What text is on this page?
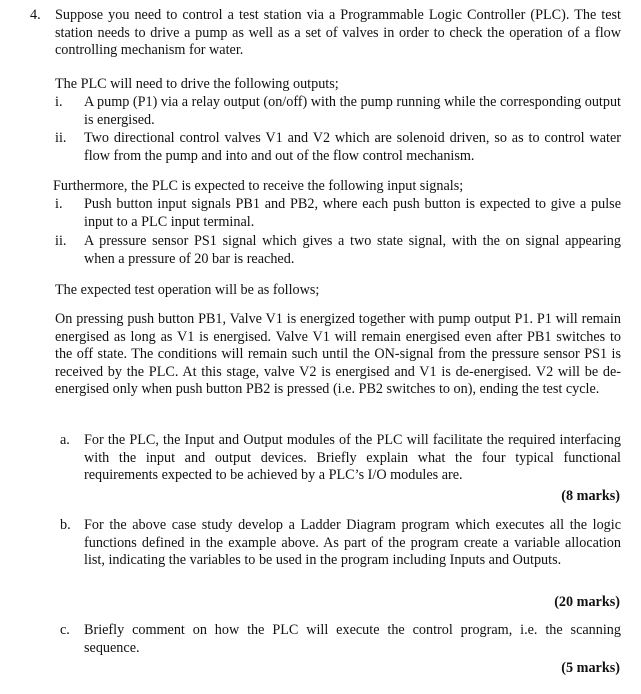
4. Suppose you need to control a test station via a Programmable Logic Controller (PLC). The test station needs to drive a pump as well as a set of valves in order to check the operation of a flow controlling mechanism for water.
The PLC will need to drive the following outputs;
i. A pump (P1) via a relay output (on/off) with the pump running while the corresponding output is energised.
ii. Two directional control valves V1 and V2 which are solenoid driven, so as to control water flow from the pump and into and out of the flow control mechanism.
Furthermore, the PLC is expected to receive the following input signals;
i. Push button input signals PB1 and PB2, where each push button is expected to give a pulse input to a PLC input terminal.
ii. A pressure sensor PS1 signal which gives a two state signal, with the on signal appearing when a pressure of 20 bar is reached.
The expected test operation will be as follows;
On pressing push button PB1, Valve V1 is energized together with pump output P1. P1 will remain energised as long as V1 is energised. Valve V1 will remain energised even after PB1 switches to the off state. The conditions will remain such until the ON-signal from the pressure sensor PS1 is received by the PLC. At this stage, valve V2 is energised and V1 is de-energised. V2 will be de-energised only when push button PB2 is pressed (i.e. PB2 switches to on), ending the test cycle.
a. For the PLC, the Input and Output modules of the PLC will facilitate the required interfacing with the input and output devices. Briefly explain what the four typical functional requirements expected to be achieved by a PLC’s I/O modules are.
(8 marks)
b. For the above case study develop a Ladder Diagram program which executes all the logic functions defined in the example above. As part of the program create a variable allocation list, indicating the variables to be used in the program including Inputs and Outputs.
(20 marks)
c. Briefly comment on how the PLC will execute the control program, i.e. the scanning sequence.
(5 marks)
